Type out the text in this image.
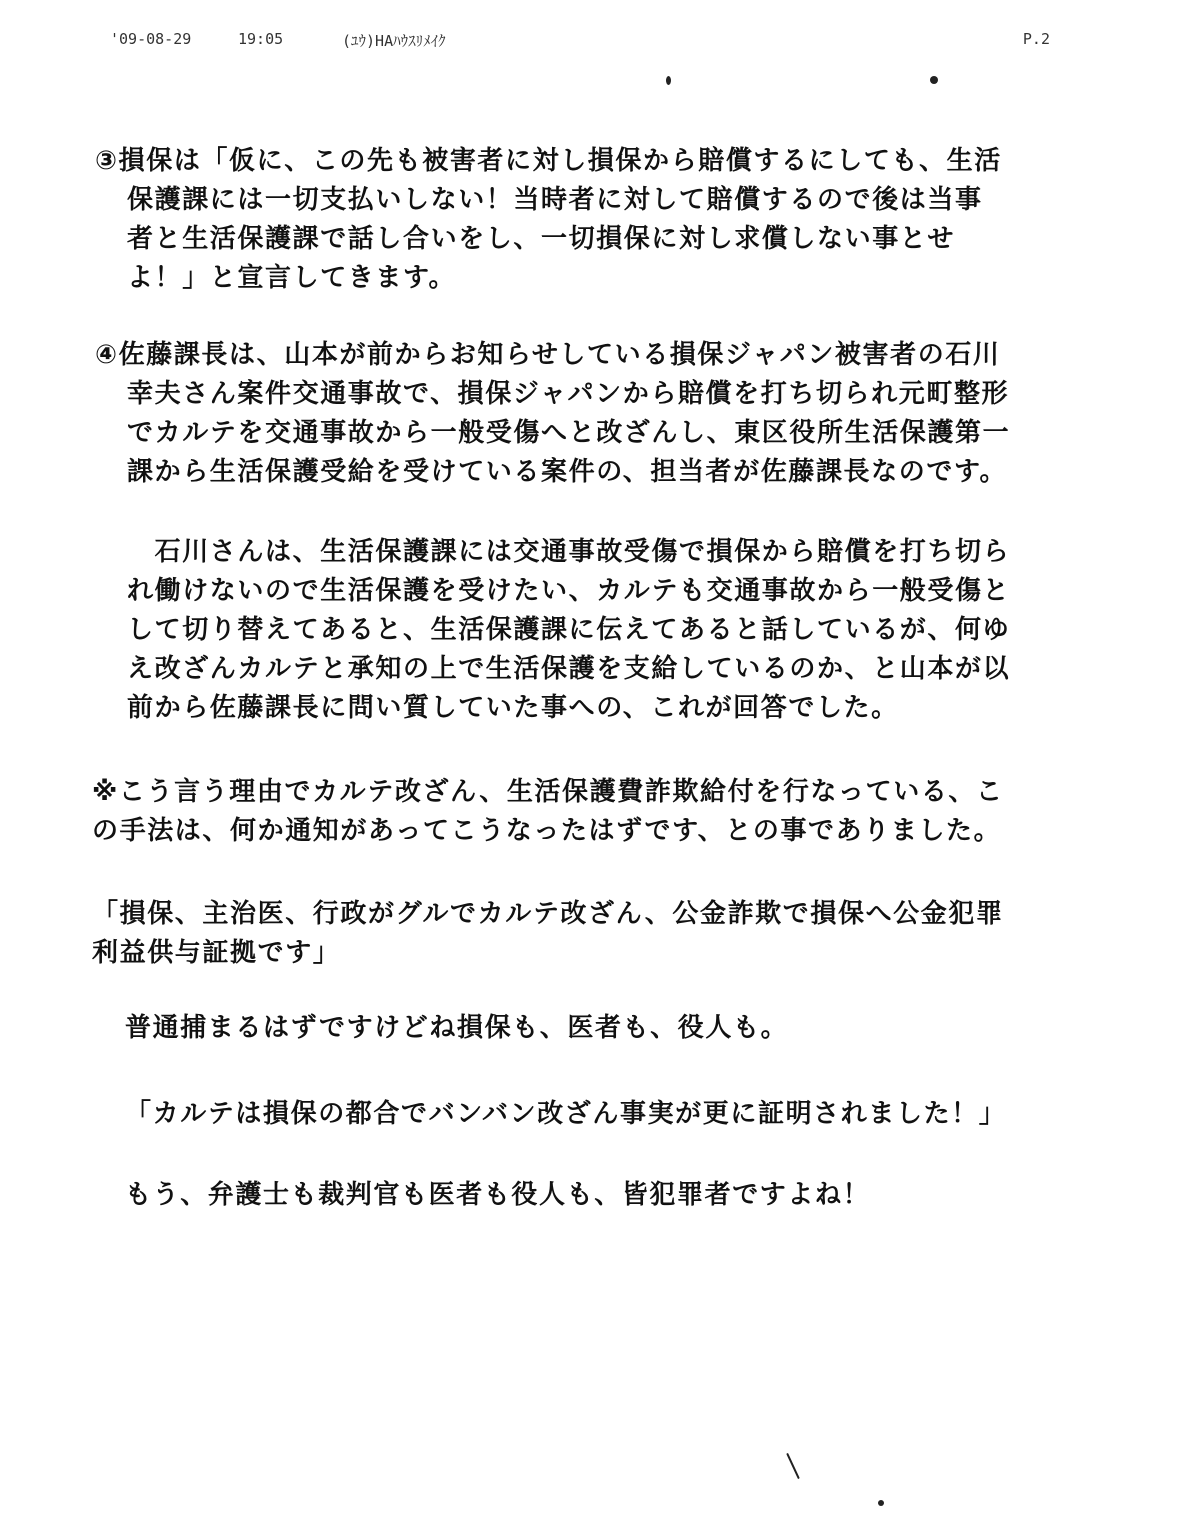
'09-08-29	19:05	(ﾕｳ)HAﾊｳｽﾘﾒｲｸ	P.2
③損保は「仮に、この先も被害者に対し損保から賠償するにしても、生活
保護課には一切支払いしない！当時者に対して賠償するので後は当事
者と生活保護課で話し合いをし、一切損保に対し求償しない事とせ
よ！」と宣言してきます。
④佐藤課長は、山本が前からお知らせしている損保ジャパン被害者の石川
幸夫さん案件交通事故で、損保ジャパンから賠償を打ち切られ元町整形
でカルテを交通事故から一般受傷へと改ざんし、東区役所生活保護第一
課から生活保護受給を受けている案件の、担当者が佐藤課長なのです。
　石川さんは、生活保護課には交通事故受傷で損保から賠償を打ち切ら
れ働けないので生活保護を受けたい、カルテも交通事故から一般受傷と
して切り替えてあると、生活保護課に伝えてあると話しているが、何ゆ
え改ざんカルテと承知の上で生活保護を支給しているのか、と山本が以
前から佐藤課長に問い質していた事への、これが回答でした。
※こう言う理由でカルテ改ざん、生活保護費詐欺給付を行なっている、こ
の手法は、何か通知があってこうなったはずです、との事でありました。
「損保、主治医、行政がグルでカルテ改ざん、公金詐欺で損保へ公金犯罪
利益供与証拠です」
普通捕まるはずですけどね損保も、医者も、役人も。
「カルテは損保の都合でバンバン改ざん事実が更に証明されました！」
もう、弁護士も裁判官も医者も役人も、皆犯罪者ですよね！
